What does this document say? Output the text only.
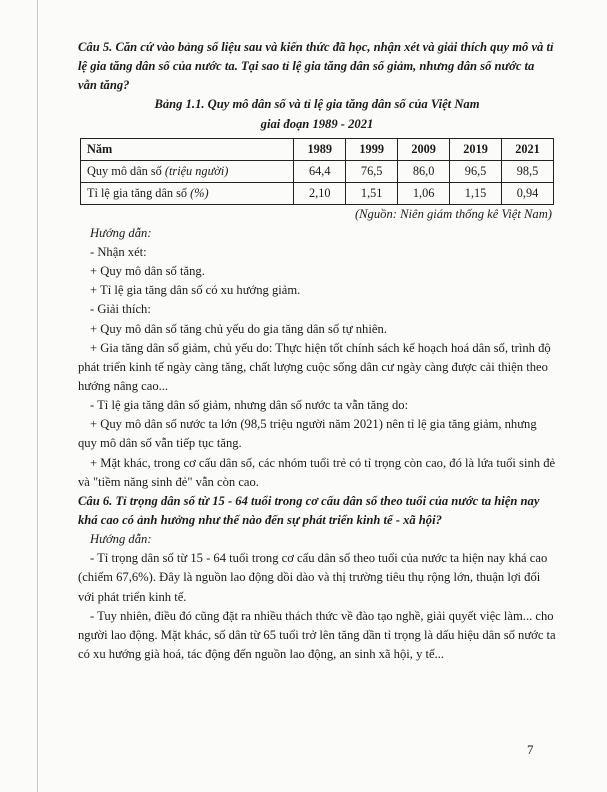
Câu 5. Căn cứ vào bảng số liệu sau và kiến thức đã học, nhận xét và giải thích quy mô và tỉ lệ gia tăng dân số của nước ta. Tại sao tỉ lệ gia tăng dân số giảm, nhưng dân số nước ta vẫn tăng?

Bảng 1.1. Quy mô dân số và tỉ lệ gia tăng dân số của Việt Nam

giai đoạn 1989 - 2021

Năm	1989	1999	2009	2019	2021
Quy mô dân số (triệu người)	64,4	76,5	86,0	96,5	98,5
Tỉ lệ gia tăng dân số (%)	2,10	1,51	1,06	1,15	0,94

(Nguồn: Niên giám thống kê Việt Nam)

Hướng dẫn:

- Nhận xét:

+ Quy mô dân số tăng.

+ Tỉ lệ gia tăng dân số có xu hướng giảm.

- Giải thích:

+ Quy mô dân số tăng chủ yếu do gia tăng dân số tự nhiên.

+ Gia tăng dân số giảm, chủ yếu do: Thực hiện tốt chính sách kế hoạch hoá dân số, trình độ phát triển kinh tế ngày càng tăng, chất lượng cuộc sống dân cư ngày càng được cải thiện theo hướng nâng cao...

- Tỉ lệ gia tăng dân số giảm, nhưng dân số nước ta vẫn tăng do:

+ Quy mô dân số nước ta lớn (98,5 triệu người năm 2021) nên tỉ lệ gia tăng giảm, nhưng quy mô dân số vẫn tiếp tục tăng.

+ Mặt khác, trong cơ cấu dân số, các nhóm tuổi trẻ có tỉ trọng còn cao, đó là lứa tuổi sinh đẻ và "tiềm năng sinh đẻ" vẫn còn cao.

Câu 6. Tỉ trọng dân số từ 15 - 64 tuổi trong cơ cấu dân số theo tuổi của nước ta hiện nay khá cao có ảnh hưởng như thế nào đến sự phát triển kinh tế - xã hội?

Hướng dẫn:

- Tỉ trọng dân số từ 15 - 64 tuổi trong cơ cấu dân số theo tuổi của nước ta hiện nay khá cao (chiếm 67,6%). Đây là nguồn lao động dồi dào và thị trường tiêu thụ rộng lớn, thuận lợi đối với phát triển kinh tế.

- Tuy nhiên, điều đó cũng đặt ra nhiều thách thức về đào tạo nghề, giải quyết việc làm... cho người lao động. Mặt khác, số dân từ 65 tuổi trở lên tăng dần tỉ trọng là dấu hiệu dân số nước ta có xu hướng già hoá, tác động đến nguồn lao động, an sinh xã hội, y tế...

7
